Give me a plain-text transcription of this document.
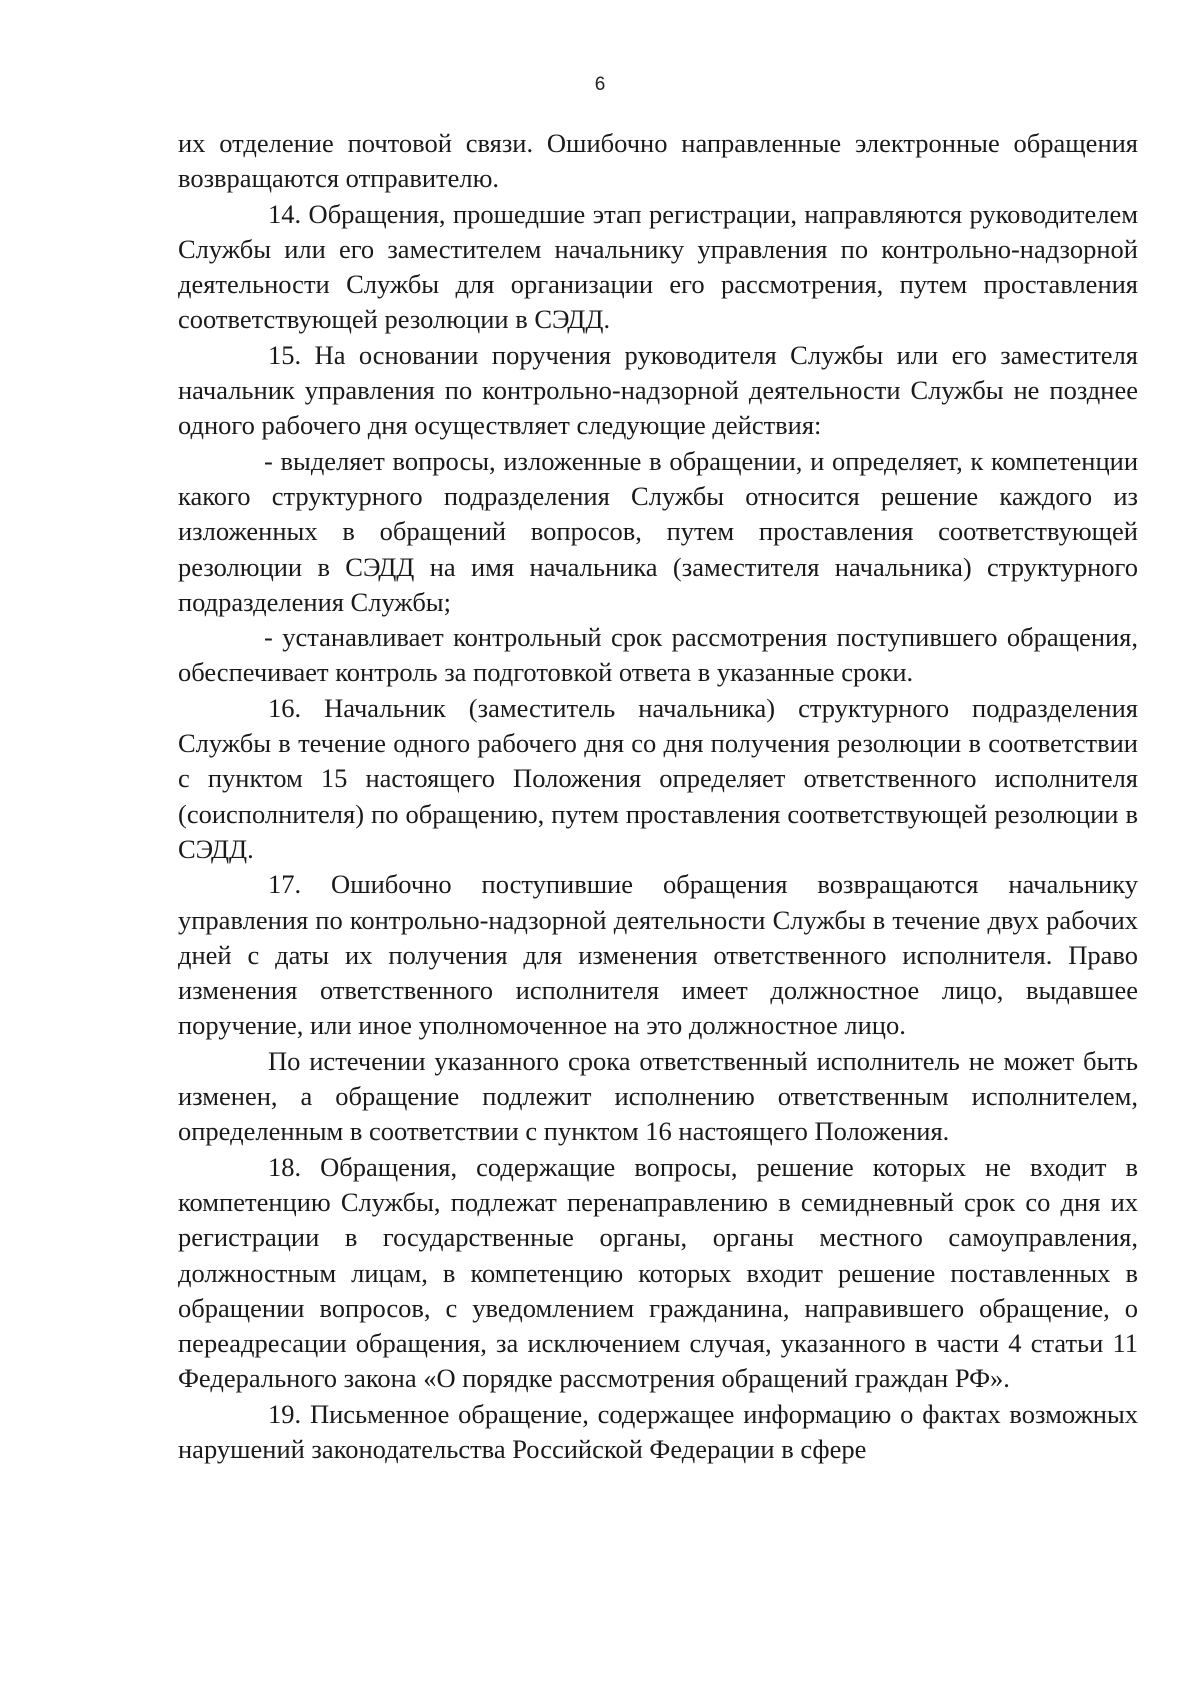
6

их отделение почтовой связи. Ошибочно направленные электронные обращения возвращаются отправителю.

14. Обращения, прошедшие этап регистрации, направляются руководителем Службы или его заместителем начальнику управления по контрольно-надзорной деятельности Службы для организации его рассмотрения, путем проставления соответствующей резолюции в СЭДД.

15. На основании поручения руководителя Службы или его заместителя начальник управления по контрольно-надзорной деятельности Службы не позднее одного рабочего дня осуществляет следующие действия:

- выделяет вопросы, изложенные в обращении, и определяет, к компетенции какого структурного подразделения Службы относится решение каждого из изложенных в обращений вопросов, путем проставления соответствующей резолюции в СЭДД на имя начальника (заместителя начальника) структурного подразделения Службы;

- устанавливает контрольный срок рассмотрения поступившего обращения, обеспечивает контроль за подготовкой ответа в указанные сроки.

16. Начальник (заместитель начальника) структурного подразделения Службы в течение одного рабочего дня со дня получения резолюции в соответствии с пунктом 15 настоящего Положения определяет ответственного исполнителя (соисполнителя) по обращению, путем проставления соответствующей резолюции в СЭДД.

17. Ошибочно поступившие обращения возвращаются начальнику управления по контрольно-надзорной деятельности Службы в течение двух рабочих дней с даты их получения для изменения ответственного исполнителя. Право изменения ответственного исполнителя имеет должностное лицо, выдавшее поручение, или иное уполномоченное на это должностное лицо.

По истечении указанного срока ответственный исполнитель не может быть изменен, а обращение подлежит исполнению ответственным исполнителем, определенным в соответствии с пунктом 16 настоящего Положения.

18. Обращения, содержащие вопросы, решение которых не входит в компетенцию Службы, подлежат перенаправлению в семидневный срок со дня их регистрации в государственные органы, органы местного самоуправления, должностным лицам, в компетенцию которых входит решение поставленных в обращении вопросов, с уведомлением гражданина, направившего обращение, о переадресации обращения, за исключением случая, указанного в части 4 статьи 11 Федерального закона «О порядке рассмотрения обращений граждан РФ».

19. Письменное обращение, содержащее информацию о фактах возможных нарушений законодательства Российской Федерации в сфере
